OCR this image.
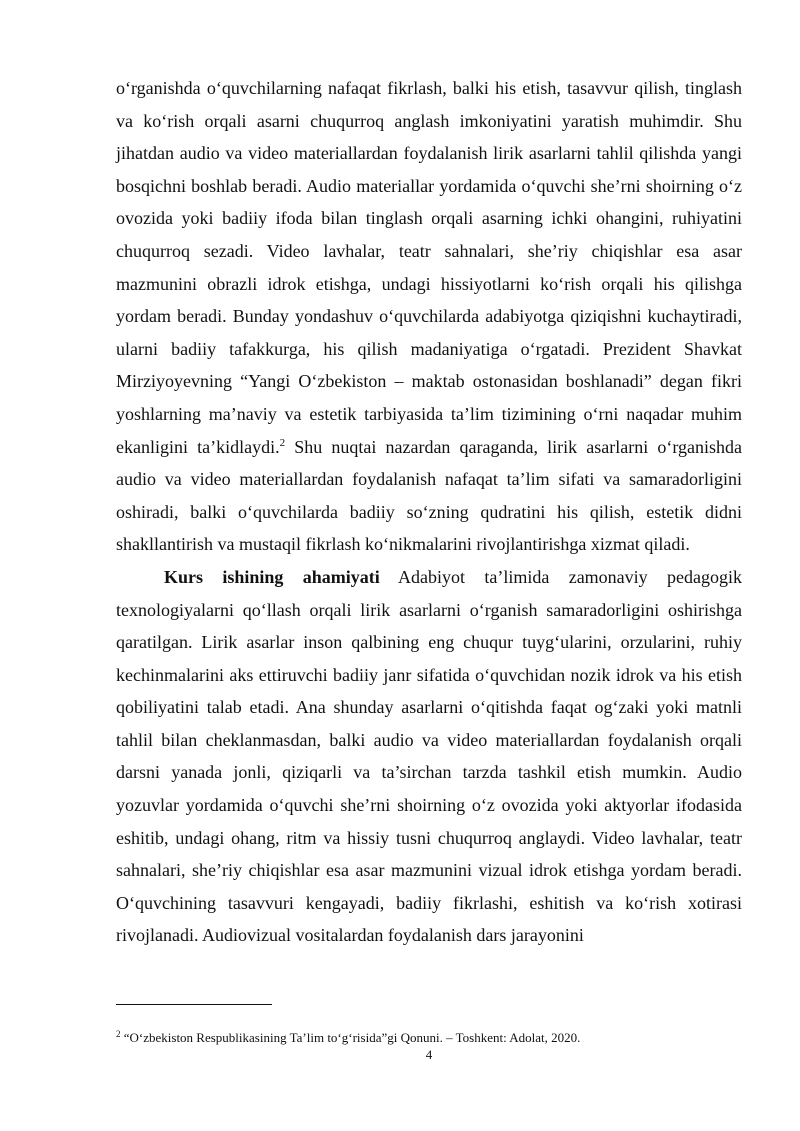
o‘rganishda o‘quvchilarning nafaqat fikrlash, balki his etish, tasavvur qilish, tinglash va ko‘rish orqali asarni chuqurroq anglash imkoniyatini yaratish muhimdir. Shu jihatdan audio va video materiallardan foydalanish lirik asarlarni tahlil qilishda yangi bosqichni boshlab beradi. Audio materiallar yordamida o‘quvchi she’rni shoirning o‘z ovozida yoki badiiy ifoda bilan tinglash orqali asarning ichki ohangini, ruhiyatini chuqurroq sezadi. Video lavhalar, teatr sahnalari, she’riy chiqishlar esa asar mazmunini obrazli idrok etishga, undagi hissiyotlarni ko‘rish orqali his qilishga yordam beradi. Bunday yondashuv o‘quvchilarda adabiyotga qiziqishni kuchaytiradi, ularni badiiy tafakkurga, his qilish madaniyatiga o‘rgatadi. Prezident Shavkat Mirziyoyevning “Yangi O‘zbekiston – maktab ostonasidan boshlanadi” degan fikri yoshlarning ma’naviy va estetik tarbiyasida ta’lim tizimining o‘rni naqadar muhim ekanligini ta’kidlaydi.$^2$ Shu nuqtai nazardan qaraganda, lirik asarlarni o‘rganishda audio va video materiallardan foydalanish nafaqat ta’lim sifati va samaradorligini oshiradi, balki o‘quvchilarda badiiy so‘zning qudratini his qilish, estetik didni shakllantirish va mustaqil fikrlash ko‘nikmalarini rivojlantirishga xizmat qiladi.

Kurs ishining ahamiyati Adabiyot ta’limida zamonaviy pedagogik texnologiyalarni qo‘llash orqali lirik asarlarni o‘rganish samaradorligini oshirishga qaratilgan. Lirik asarlar inson qalbining eng chuqur tuyg‘ularini, orzularini, ruhiy kechinmalarini aks ettiruvchi badiiy janr sifatida o‘quvchidan nozik idrok va his etish qobiliyatini talab etadi. Ana shunday asarlarni o‘qitishda faqat og‘zaki yoki matnli tahlil bilan cheklanmasdan, balki audio va video materiallardan foydalanish orqali darsni yanada jonli, qiziqarli va ta’sirchan tarzda tashkil etish mumkin. Audio yozuvlar yordamida o‘quvchi she’rni shoirning o‘z ovozida yoki aktyorlar ifodasida eshitib, undagi ohang, ritm va hissiy tusni chuqurroq anglaydi. Video lavhalar, teatr sahnalari, she’riy chiqishlar esa asar mazmunini vizual idrok etishga yordam beradi. O‘quvchining tasavvuri kengayadi, badiiy fikrlashi, eshitish va ko‘rish xotirasi rivojlanadi. Audiovizual vositalardan foydalanish dars jarayonini

$^2$ “O‘zbekiston Respublikasining Ta’lim to‘g‘risida”gi Qonuni. – Toshkent: Adolat, 2020.
4
